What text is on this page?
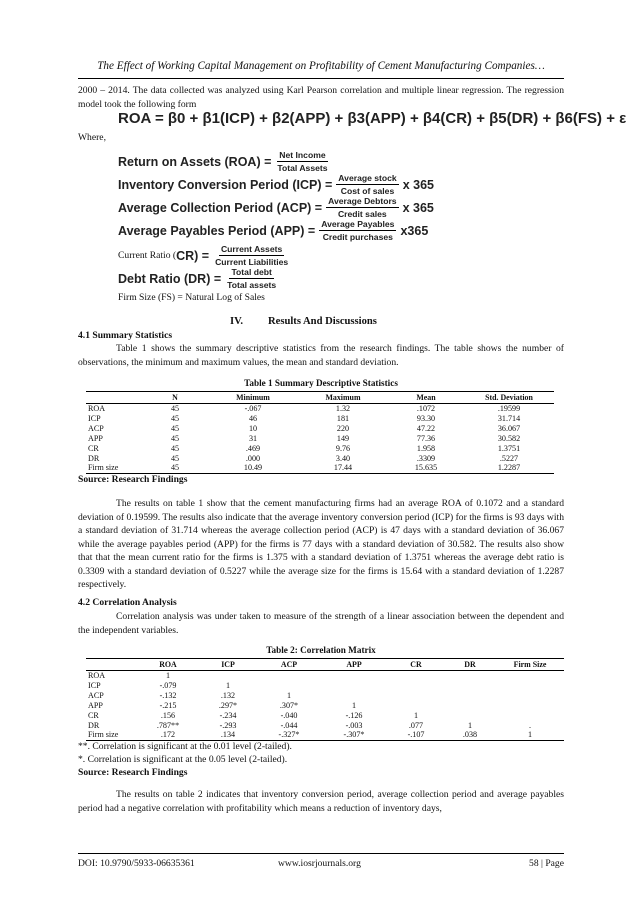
The Effect of Working Capital Management on Profitability of Cement Manufacturing Companies…
2000 – 2014. The data collected was analyzed using Karl Pearson correlation and multiple linear regression. The regression model took the following form
ROA = β0 + β1(ICP) + β2(APP) + β3(APP) + β4(CR) + β5(DR) + β6(FS) + ε
Where,
Return on Assets $(ROA) = \frac{\text{Net Income}}{\text{Total Assets}}$
Inventory Conversion Period $(ICP) = \frac{\text{Average stock}}{\text{Cost of sales}}$ x 365
Average Collection Period $(ACP) = \frac{\text{Average Debtors}}{\text{Credit sales}}$ x 365
Average Payables Period $(APP) = \frac{\text{Average Payables}}{\text{Credit purchases}} x365$
Current Ratio ( $CR) = \frac{\text{Current Assets}}{\text{Current Liabilities}}$
Debt Ratio $(DR) = \frac{\text{Total debt}}{\text{Total assets}}$
Firm Size (FS) = Natural Log of Sales
IV. Results And Discussions
4.1 Summary Statistics
Table 1 shows the summary descriptive statistics from the research findings. The table shows the number of observations, the minimum and maximum values, the mean and standard deviation.
Table 1 Summary Descriptive Statistics
	N	Minimum	Maximum	Mean	Std. Deviation
ROA	45	-.067	1.32	.1072	.19599
ICP	45	46	181	93.30	31.714
ACP	45	10	220	47.22	36.067
APP	45	31	149	77.36	30.582
CR	45	.469	9.76	1.958	1.3751
DR	45	.000	3.40	.3309	.5227
Firm size	45	10.49	17.44	15.635	1.2287
Source: Research Findings
The results on table 1 show that the cement manufacturing firms had an average ROA of 0.1072 and a standard deviation of 0.19599. The results also indicate that the average inventory conversion period (ICP) for the firms is 93 days with a standard deviation of 31.714 whereas the average collection period (ACP) is 47 days with a standard deviation of 36.067 while the average payables period (APP) for the firms is 77 days with a standard deviation of 30.582. The results also show that that the mean current ratio for the firms is 1.375 with a standard deviation of 1.3751 whereas the average debt ratio is 0.3309 with a standard deviation of 0.5227 while the average size for the firms is 15.64 with a standard deviation of 1.2287 respectively.
4.2 Correlation Analysis
Correlation analysis was under taken to measure of the strength of a linear association between the dependent and the independent variables.
Table 2: Correlation Matrix
	ROA	ICP	ACP	APP	CR	DR	Firm Size
ROA	1						
ICP	-.079	1					
ACP	-.132	.132	1				
APP	-.215	.297*	.307*	1			
CR	.156	-.234	-.040	-.126	1		
DR	.787**	-.293	-.044	-.003	.077	1	.
Firm size	.172	.134	-.327*	-.307*	-.107	.038	1
**. Correlation is significant at the 0.01 level (2-tailed).
*. Correlation is significant at the 0.05 level (2-tailed).
Source: Research Findings
The results on table 2 indicates that inventory conversion period, average collection period and average payables period had a negative correlation with profitability which means a reduction of inventory days,
DOI: 10.9790/5933-06635361	www.iosrjournals.org	58 | Page
